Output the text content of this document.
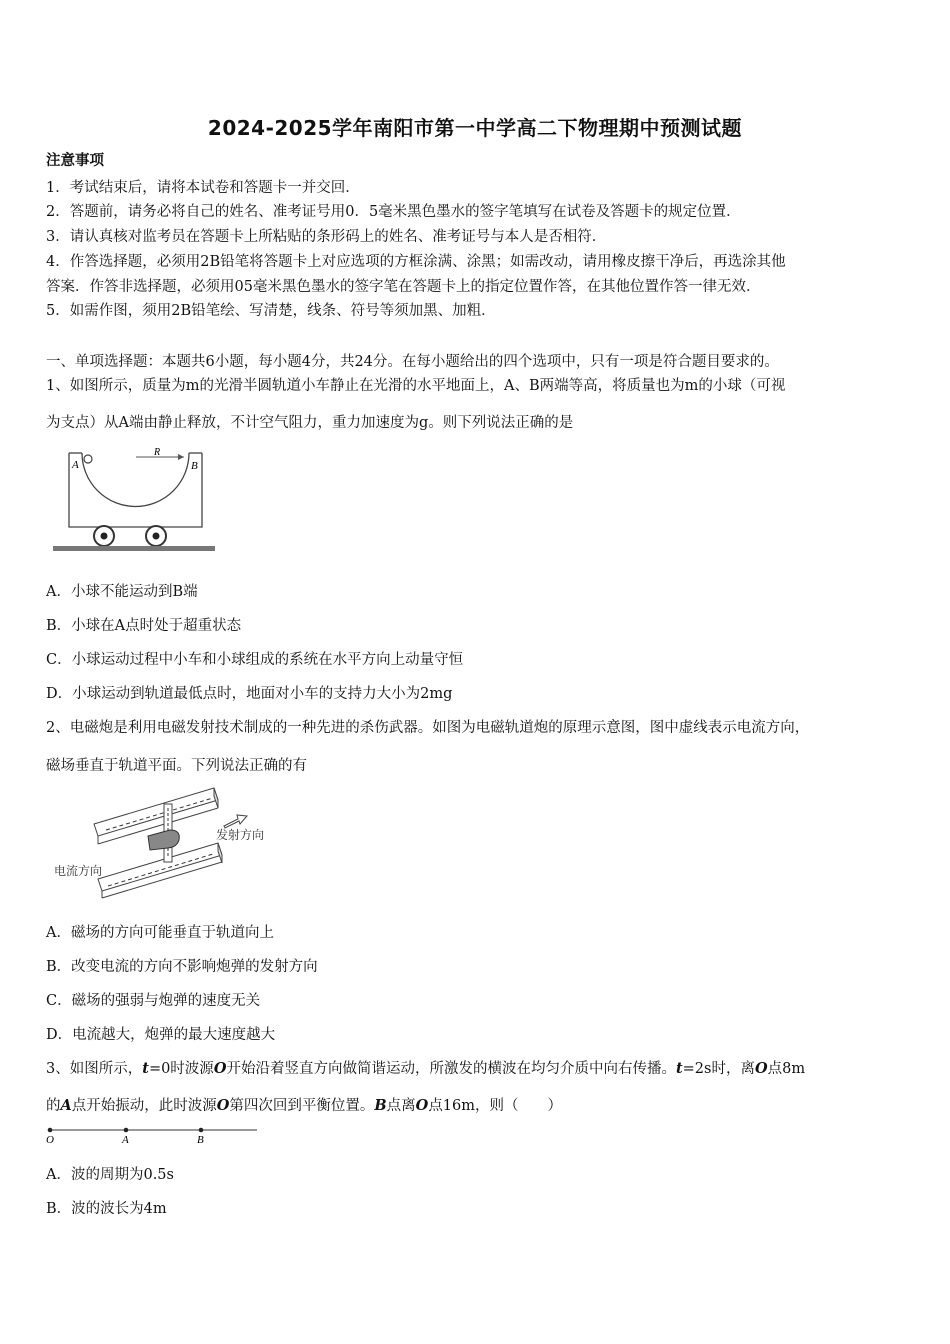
2024-2025学年南阳市第一中学高二下物理期中预测试题
注意事项
1．考试结束后，请将本试卷和答题卡一并交回．
2．答题前，请务必将自己的姓名、准考证号用0．5毫米黑色墨水的签字笔填写在试卷及答题卡的规定位置．
3．请认真核对监考员在答题卡上所粘贴的条形码上的姓名、准考证号与本人是否相符．
4．作答选择题，必须用2B铅笔将答题卡上对应选项的方框涂满、涂黑；如需改动，请用橡皮擦干净后，再选涂其他
答案．作答非选择题，必须用05毫米黑色墨水的签字笔在答题卡上的指定位置作答，在其他位置作答一律无效．
5．如需作图，须用2B铅笔绘、写清楚，线条、符号等须加黑、加粗．
一、单项选择题：本题共6小题，每小题4分，共24分。在每小题给出的四个选项中，只有一项是符合题目要求的。
1、如图所示，质量为m的光滑半圆轨道小车静止在光滑的水平地面上，A、B两端等高，将质量也为m的小球（可视
为支点）从A端由静止释放，不计空气阻力，重力加速度为g。则下列说法正确的是
A	B
R
A．小球不能运动到B端
B．小球在A点时处于超重状态
C．小球运动过程中小车和小球组成的系统在水平方向上动量守恒
D．小球运动到轨道最低点时，地面对小车的支持力大小为2mg
2、电磁炮是利用电磁发射技术制成的一种先进的杀伤武器。如图为电磁轨道炮的原理示意图，图中虚线表示电流方向，
磁场垂直于轨道平面。下列说法正确的有
发射方向
电流方向
A．磁场的方向可能垂直于轨道向上
B．改变电流的方向不影响炮弹的发射方向
C．磁场的强弱与炮弹的速度无关
D．电流越大，炮弹的最大速度越大
3、如图所示，t=0时波源O开始沿着竖直方向做简谐运动，所激发的横波在均匀介质中向右传播。t=2s时，离O点8m
的A点开始振动，此时波源O第四次回到平衡位置。B点离O点16m，则（　　）
O	A	B
A．波的周期为0.5s
B．波的波长为4m
